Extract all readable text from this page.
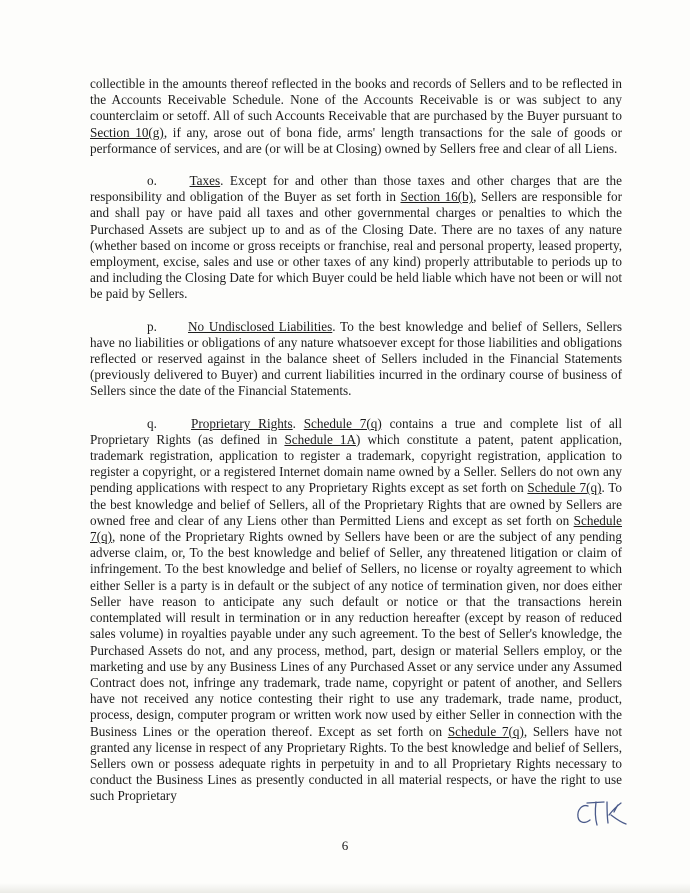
collectible in the amounts thereof reflected in the books and records of Sellers and to be reflected in the Accounts Receivable Schedule. None of the Accounts Receivable is or was subject to any counterclaim or setoff. All of such Accounts Receivable that are purchased by the Buyer pursuant to Section 10(g), if any, arose out of bona fide, arms' length transactions for the sale of goods or performance of services, and are (or will be at Closing) owned by Sellers free and clear of all Liens.

o.   Taxes. Except for and other than those taxes and other charges that are the responsibility and obligation of the Buyer as set forth in Section 16(b), Sellers are responsible for and shall pay or have paid all taxes and other governmental charges or penalties to which the Purchased Assets are subject up to and as of the Closing Date. There are no taxes of any nature (whether based on income or gross receipts or franchise, real and personal property, leased property, employment, excise, sales and use or other taxes of any kind) properly attributable to periods up to and including the Closing Date for which Buyer could be held liable which have not been or will not be paid by Sellers.

p.   No Undisclosed Liabilities. To the best knowledge and belief of Sellers, Sellers have no liabilities or obligations of any nature whatsoever except for those liabilities and obligations reflected or reserved against in the balance sheet of Sellers included in the Financial Statements (previously delivered to Buyer) and current liabilities incurred in the ordinary course of business of Sellers since the date of the Financial Statements.

q.  	Proprietary Rights. Schedule 7(q) contains a true and complete list of all Proprietary Rights (as defined in Schedule 1A) which constitute a patent, patent application, trademark registration, application to register a trademark, copyright registration, application to register a copyright, or a registered Internet domain name owned by a Seller. Sellers do not own any pending applications with respect to any Proprietary Rights except as set forth on Schedule 7(q). To the best knowledge and belief of Sellers, all of the Proprietary Rights that are owned by Sellers are owned free and clear of any Liens other than Permitted Liens and except as set forth on Schedule 7(q), none of the Proprietary Rights owned by Sellers have been or are the subject of any pending adverse claim, or, To the best knowledge and belief of Seller, any threatened litigation or claim of infringement. To the best knowledge and belief of Sellers, no license or royalty agreement to which either Seller is a party is in default or the subject of any notice of termination given, nor does either Seller have reason to anticipate any such default or notice or that the transactions herein contemplated will result in termination or in any reduction hereafter (except by reason of reduced sales volume) in royalties payable under any such agreement. To the best of Seller's knowledge, the Purchased Assets do not, and any process, method, part, design or material Sellers employ, or the marketing and use by any Business Lines of any Purchased Asset or any service under any Assumed Contract does not, infringe any trademark, trade name, copyright or patent of another, and Sellers have not received any notice contesting their right to use any trademark, trade name, product, process, design, computer program or written work now used by either Seller in connection with the Business Lines or the operation thereof. Except as set forth on Schedule 7(q), Sellers have not granted any license in respect of any Proprietary Rights. To the best knowledge and belief of Sellers, Sellers own or possess adequate rights in perpetuity in and to all Proprietary Rights necessary to conduct the Business Lines as presently conducted in all material respects, or have the right to use such Proprietary

6
